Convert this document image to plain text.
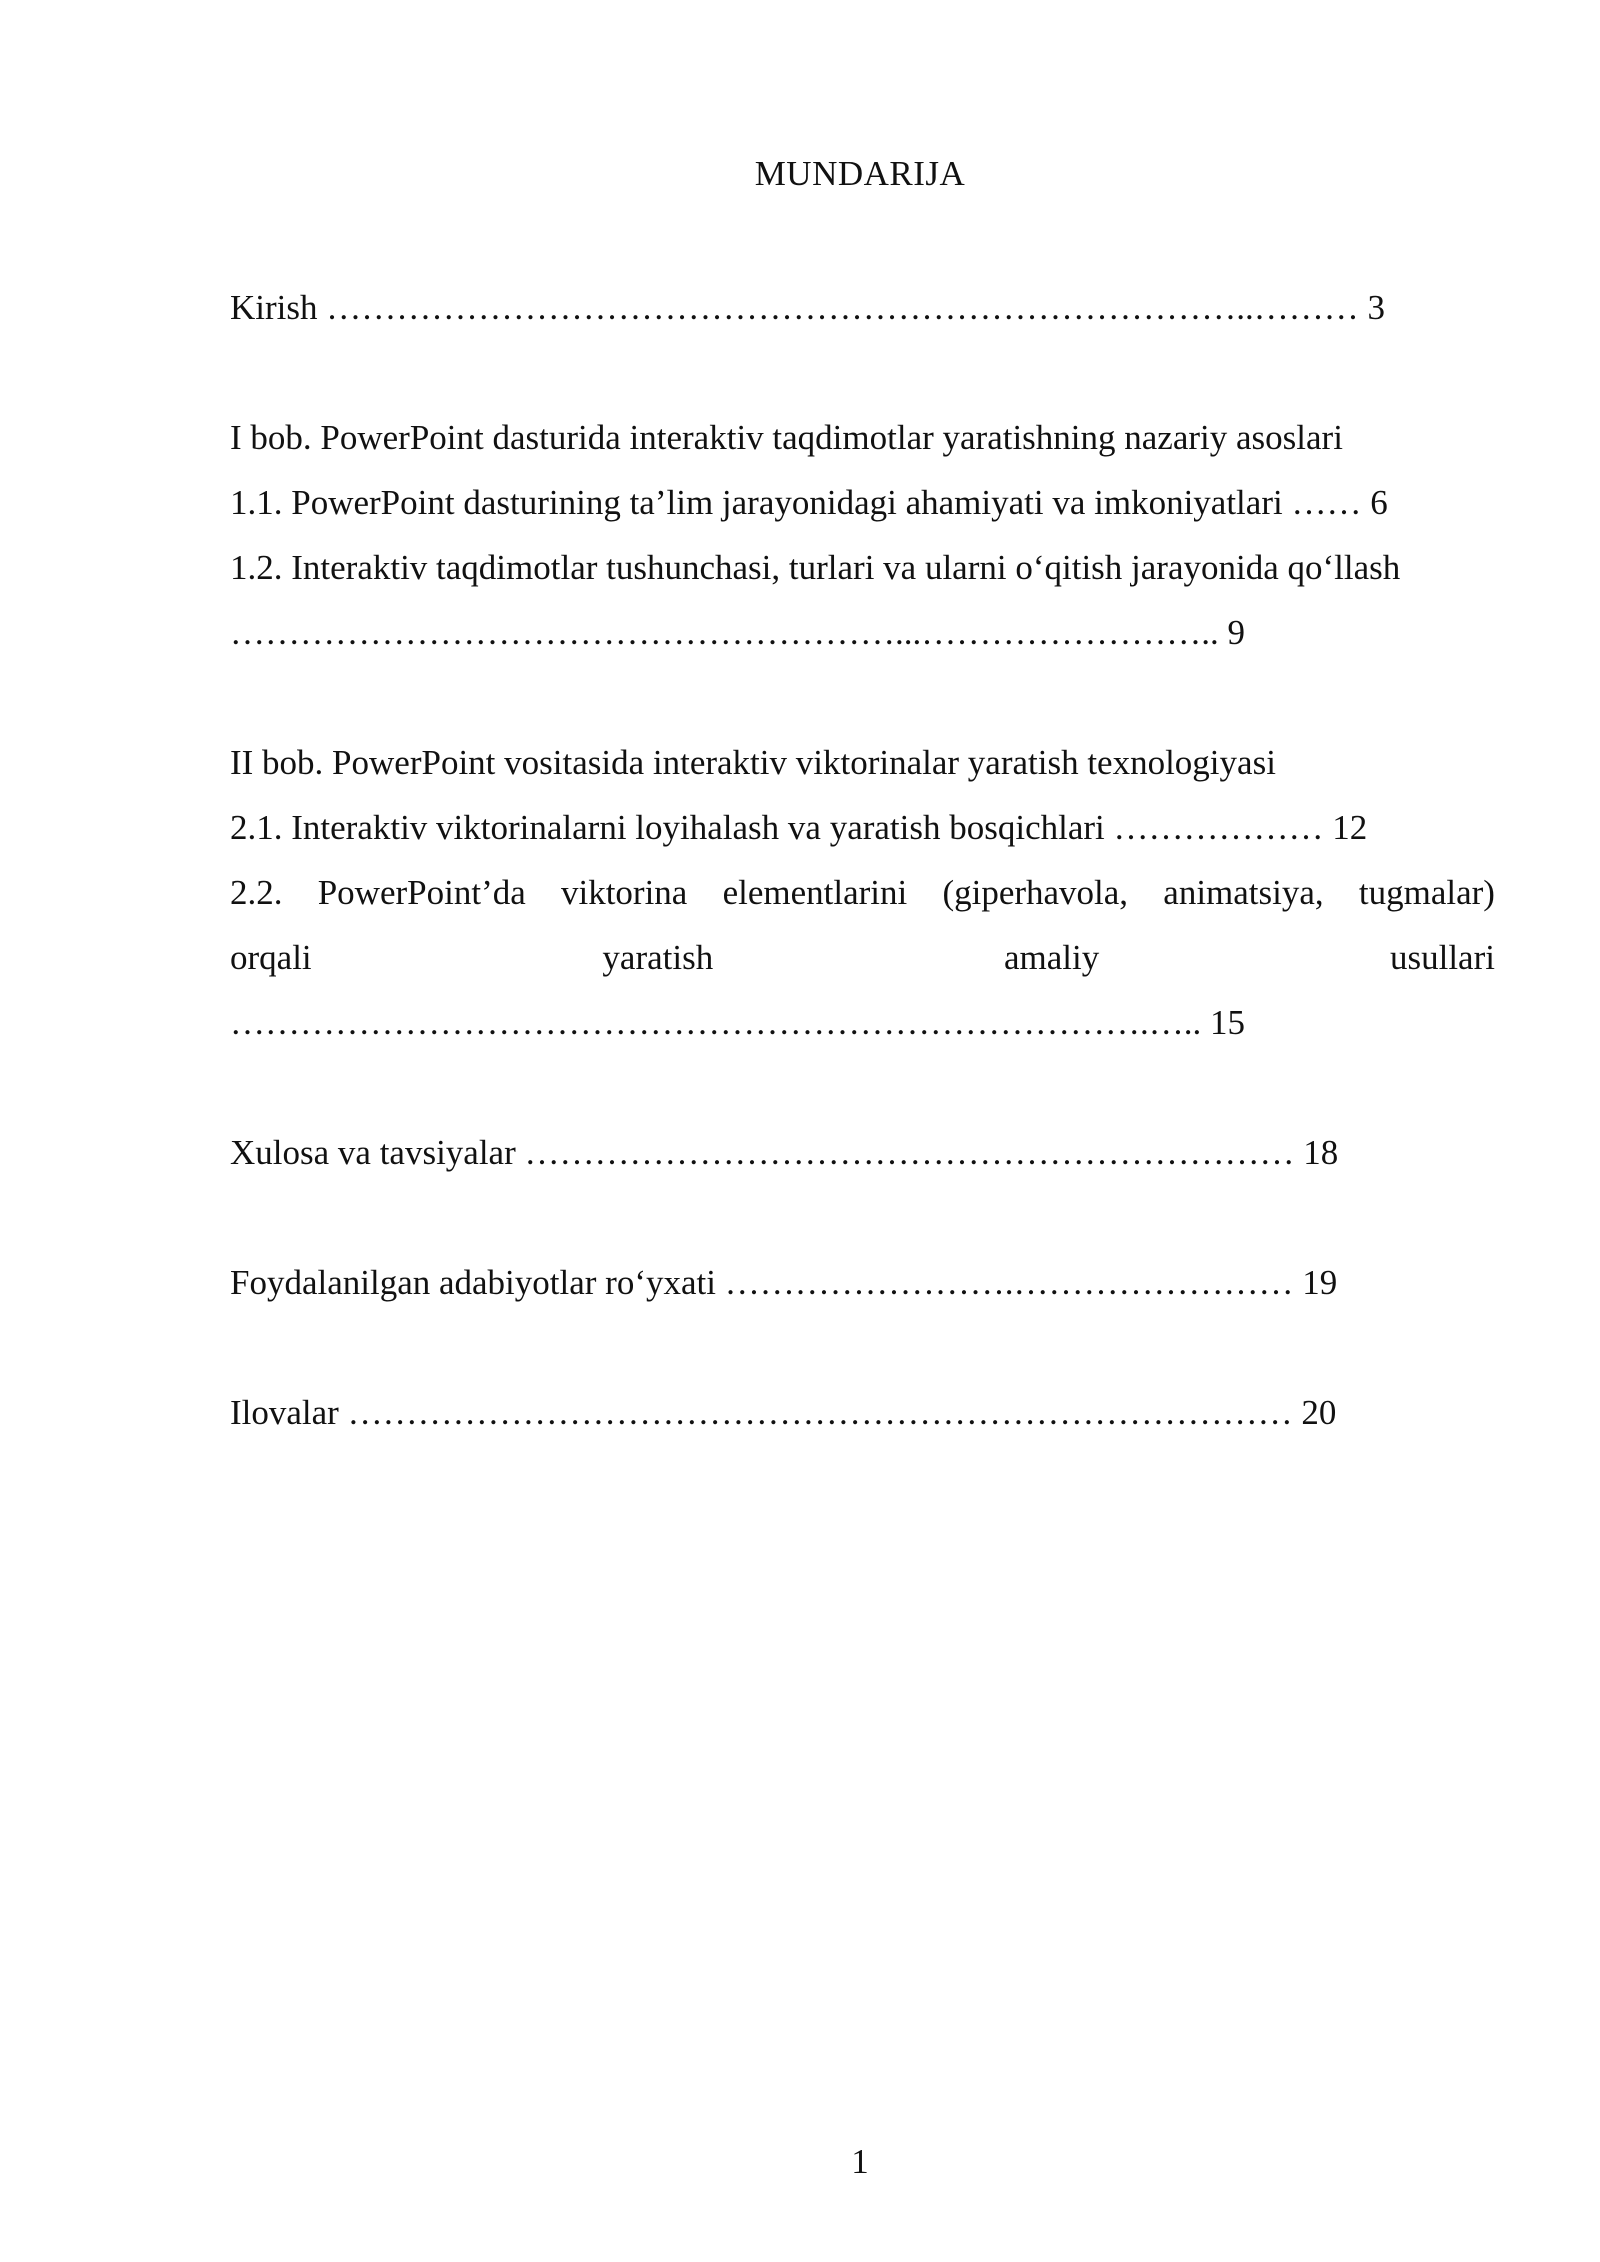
MUNDARIJA
Kirish ……………………………………………………………………..……… 3
I bob. PowerPoint dasturida interaktiv taqdimotlar yaratishning nazariy asoslari
1.1. PowerPoint dasturining ta’lim jarayonidagi ahamiyati va imkoniyatlari …… 6
1.2. Interaktiv taqdimotlar tushunchasi, turlari va ularni o‘qitish jarayonida qo‘llash
…………………………………………………...…………………….. 9
II bob. PowerPoint vositasida interaktiv viktorinalar yaratish texnologiyasi
2.1. Interaktiv viktorinalarni loyihalash va yaratish bosqichlari ……………… 12
2.2. PowerPoint’da viktorina elementlarini (giperhavola, animatsiya, tugmalar)
orqali	yaratish	amaliy	usullari
…………………………………………………………………….….. 15
Xulosa va tavsiyalar ………………………………………………………… 18
Foydalanilgan adabiyotlar ro‘yxati …………………….…………………… 19
Ilovalar ……………………………………………………………………… 20
1
